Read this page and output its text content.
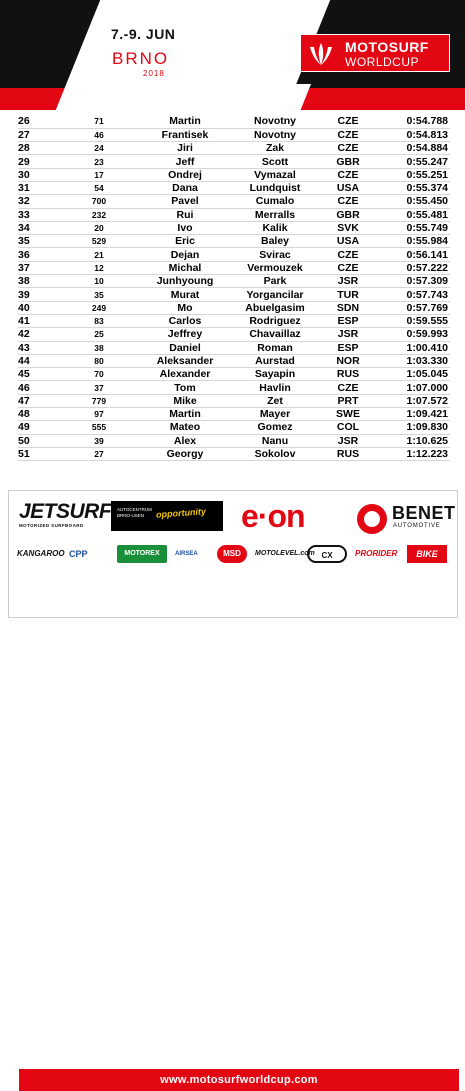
7.-9. JUN
BRNO
2018
MOTOSURF
WORLDCUP
26	71	Martin	Novotny	CZE	0:54.788
27	46	Frantisek	Novotny	CZE	0:54.813
28	24	Jiri	Zak	CZE	0:54.884
29	23	Jeff	Scott	GBR	0:55.247
30	17	Ondrej	Vymazal	CZE	0:55.251
31	54	Dana	Lundquist	USA	0:55.374
32	700	Pavel	Cumalo	CZE	0:55.450
33	232	Rui	Merralls	GBR	0:55.481
34	20	Ivo	Kalik	SVK	0:55.749
35	529	Eric	Baley	USA	0:55.984
36	21	Dejan	Svirac	CZE	0:56.141
37	12	Michal	Vermouzek	CZE	0:57.222
38	10	Junhyoung	Park	JSR	0:57.309
39	35	Murat	Yorgancilar	TUR	0:57.743
40	249	Mo	Abuelgasim	SDN	0:57.769
41	83	Carlos	Rodriguez	ESP	0:59.555
42	25	Jeffrey	Chavaillaz	JSR	0:59.993
43	38	Daniel	Roman	ESP	1:00.410
44	80	Aleksander	Aurstad	NOR	1:03.330
45	70	Alexander	Sayapin	RUS	1:05.045
46	37	Tom	Havlin	CZE	1:07.000
47	779	Mike	Zet	PRT	1:07.572
48	97	Martin	Mayer	SWE	1:09.421
49	555	Mateo	Gomez	COL	1:09.830
50	39	Alex	Nanu	JSR	1:10.625
51	27	Georgy	Sokolov	RUS	1:12.223
JETSURF
MOTORIZED SURFBOARD
AUTOCENTRUM BRNO-USEN	opportunity e·on	BENET
AUTOMOTIVE
KANGAROO CPP	MOTOREX	AIRSEA	MSD	MOTOLEVEL.com CX	PRORIDER	BIKE
www.motosurfworldcup.com
